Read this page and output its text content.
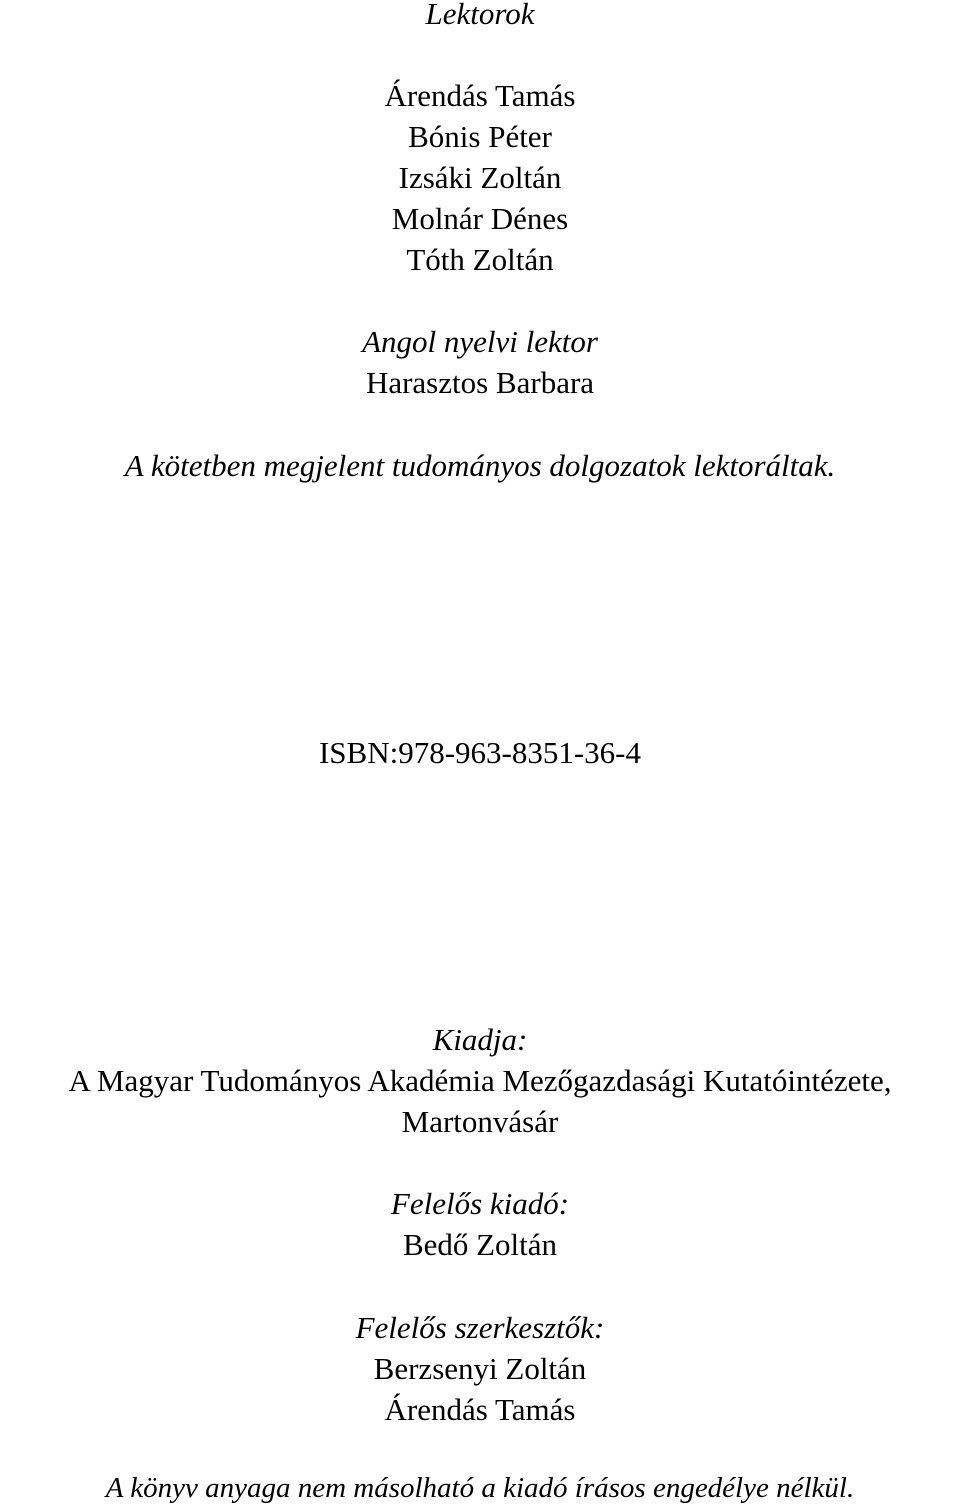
Lektorok
Árendás Tamás
Bónis Péter
Izsáki Zoltán
Molnár Dénes
Tóth Zoltán
Angol nyelvi lektor
Harasztos Barbara
A kötetben megjelent tudományos dolgozatok lektoráltak.
ISBN:978-963-8351-36-4
Kiadja:
A Magyar Tudományos Akadémia Mezőgazdasági Kutatóintézete,
Martonvásár
Felelős kiadó:
Bedő Zoltán
Felelős szerkesztők:
Berzsenyi Zoltán
Árendás Tamás
A könyv anyaga nem másolható a kiadó írásos engedélye nélkül.
